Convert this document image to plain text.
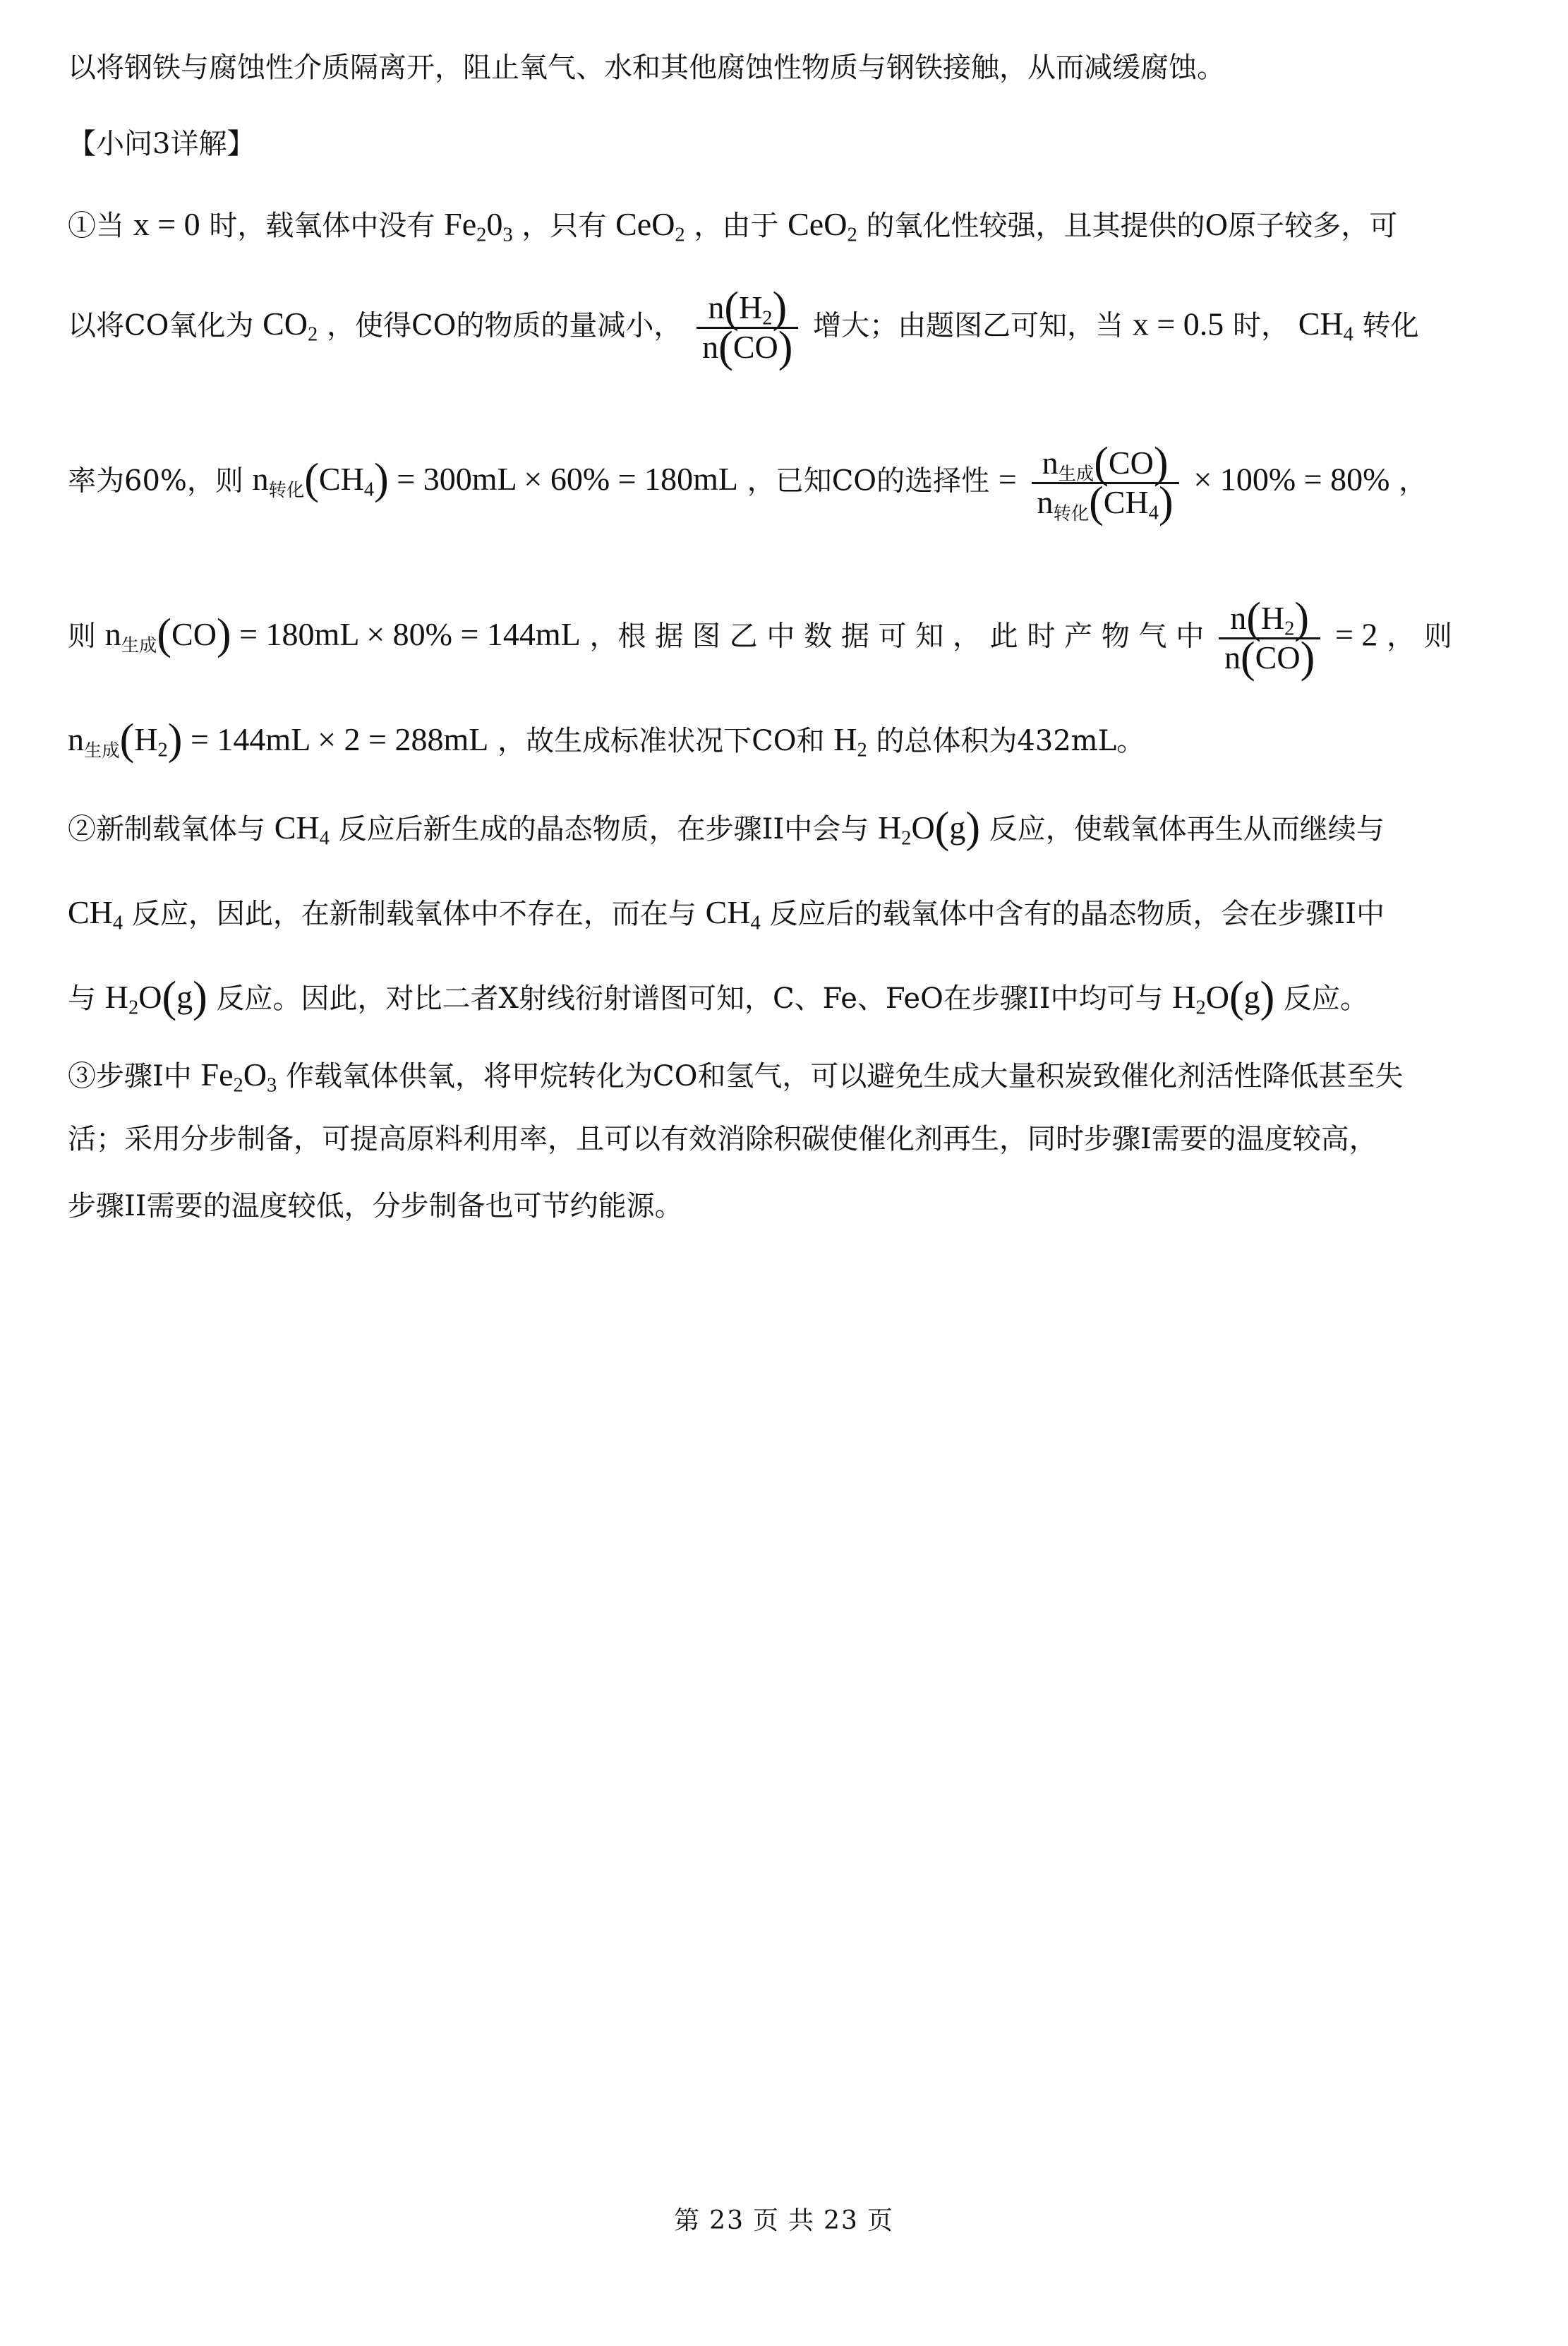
以将钢铁与腐蚀性介质隔离开，阻止氧气、水和其他腐蚀性物质与钢铁接触，从而减缓腐蚀。
【小问3详解】
①当 x = 0 时，载氧体中没有 $Fe_20_3$ ，只有 CeO$_2$ ，由于 CeO$_2$ 的氧化性较强，且其提供的O原子较多，可
以将CO氧化为 $CO_2$ ，使得CO的物质的量减小， $\frac{n(H_2)}{n(CO)}$ 增大；由题图乙可知，当 x = 0.5 时， $CH_4$ 转化
率为60%，则 n转化$(CH_4) = 300mL \times 60\% = 180mL$ ，已知CO的选择性 = $\frac{\text{n生成(CO)}}{n转化(CH_4)} \times 100\% = 80\%$ ，
则 n生成(CO) = 180mL × 80% = 144mL ，根 据 图 乙 中 数 据 可 知 ， 此 时 产 物 气 中 $\frac{n(H_2)}{n(CO)} = 2$ ， 则
n生成$(H_2) = 144mL \times 2 = 288mL$ ，故生成标准状况下CO和 $H_2$ 的总体积为432mL。
②新制载氧体与 $CH_4$ 反应后新生成的晶态物质，在步骤II中会与 $H_2O(g)$ 反应，使载氧体再生从而继续与
$CH_4$ 反应，因此，在新制载氧体中不存在，而在与 $CH_4$ 反应后的载氧体中含有的晶态物质，会在步骤II中
与 $H_2O(g)$ 反应。因此，对比二者X射线衍射谱图可知，C、Fe、FeO在步骤II中均可与 $H_2O(g)$ 反应。
③步骤I中 $Fe_2O_3$ 作载氧体供氧，将甲烷转化为CO和氢气，可以避免生成大量积炭致催化剂活性降低甚至失
活；采用分步制备，可提高原料利用率，且可以有效消除积碳使催化剂再生，同时步骤I需要的温度较高，
步骤II需要的温度较低，分步制备也可节约能源。
第 23 页 共 23 页
